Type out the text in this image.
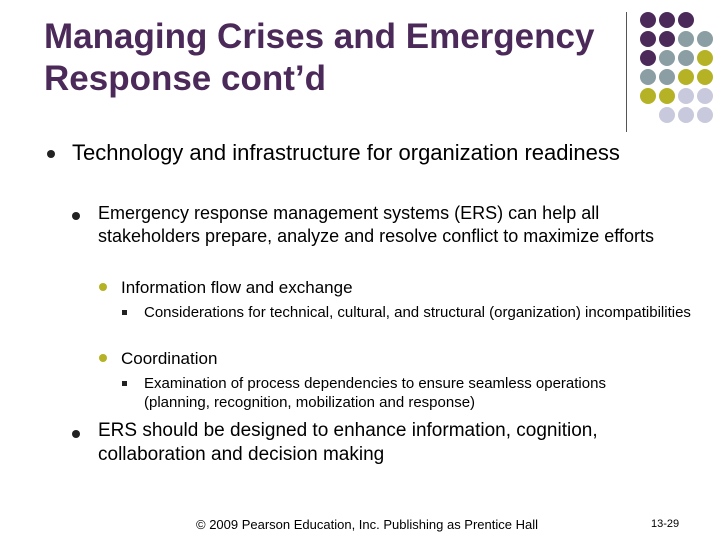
Managing Crises and Emergency Response cont’d
Technology and infrastructure for organization readiness
Emergency response management systems (ERS) can help all stakeholders prepare, analyze and resolve conflict to maximize efforts
Information flow and exchange
Considerations for technical, cultural, and structural (organization) incompatibilities
Coordination
Examination of process dependencies to ensure seamless operations (planning, recognition, mobilization and response)
ERS should be designed to enhance information, cognition, collaboration and decision making
© 2009 Pearson Education, Inc. Publishing as Prentice Hall	13-29
